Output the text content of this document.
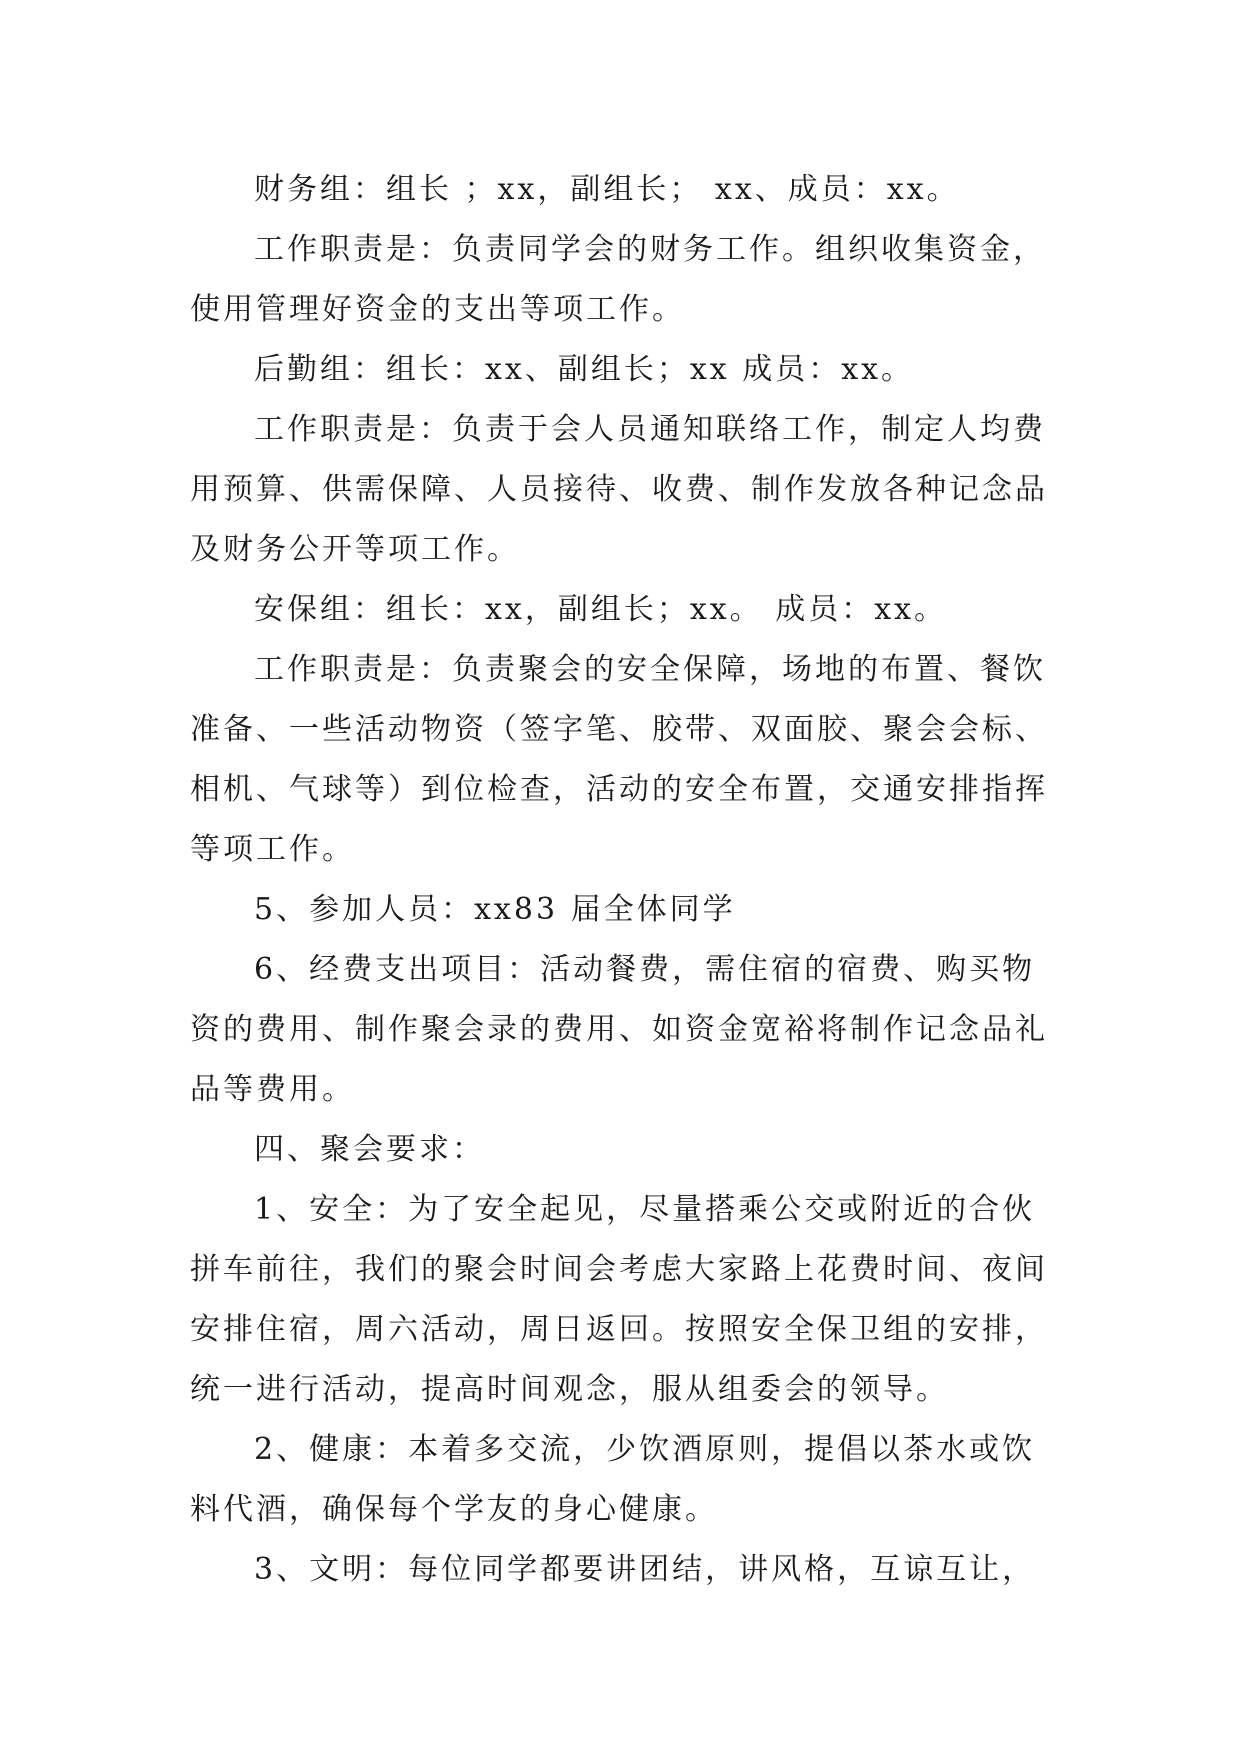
财务组：组长 ；xx，副组长； xx、成员：xx。

工作职责是：负责同学会的财务工作。组织收集资金，使用管理好资金的支出等项工作。

后勤组：组长：xx、副组长；xx 成员：xx。

工作职责是：负责于会人员通知联络工作，制定人均费用预算、供需保障、人员接待、收费、制作发放各种记念品及财务公开等项工作。

安保组：组长：xx，副组长；xx。 成员：xx。

工作职责是：负责聚会的安全保障，场地的布置、餐饮准备、一些活动物资（签字笔、胶带、双面胶、聚会会标、相机、气球等）到位检查，活动的安全布置，交通安排指挥等项工作。

5、参加人员：xx83 届全体同学

6、经费支出项目：活动餐费，需住宿的宿费、购买物资的费用、制作聚会录的费用、如资金宽裕将制作记念品礼品等费用。

四、聚会要求：

1、安全：为了安全起见，尽量搭乘公交或附近的合伙拼车前往，我们的聚会时间会考虑大家路上花费时间、夜间安排住宿，周六活动，周日返回。按照安全保卫组的安排，统一进行活动，提高时间观念，服从组委会的领导。

2、健康：本着多交流，少饮酒原则，提倡以茶水或饮料代酒，确保每个学友的身心健康。

3、文明：每位同学都要讲团结，讲风格，互谅互让，
